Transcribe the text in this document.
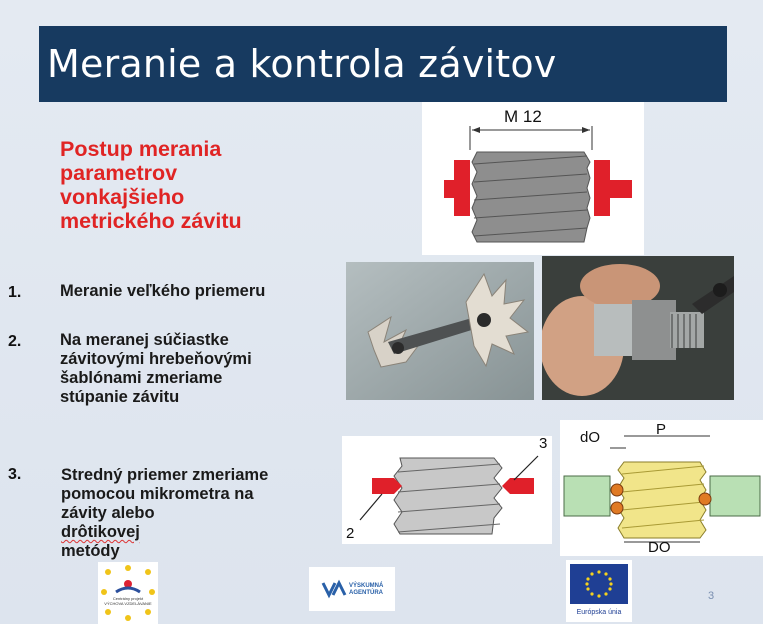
Meranie a kontrola závitov
Postup merania
parametrov
vonkajšieho
metrického závitu
1. Meranie veľkého priemeru
2. Na meranej súčiastke
závitovými hrebeňovými
šablónami zmeriame
stúpanie závitu
3. Stredný priemer zmeriame
pomocou mikrometra na
závity alebo
drôtikovej
metódy
M 12
3
2
dO	P
DO
Centrálny projekt
VÝCHOVA VZDELÁVANIE
VÝSKUMNÁ
AGENTÚRA
Európska únia
3
